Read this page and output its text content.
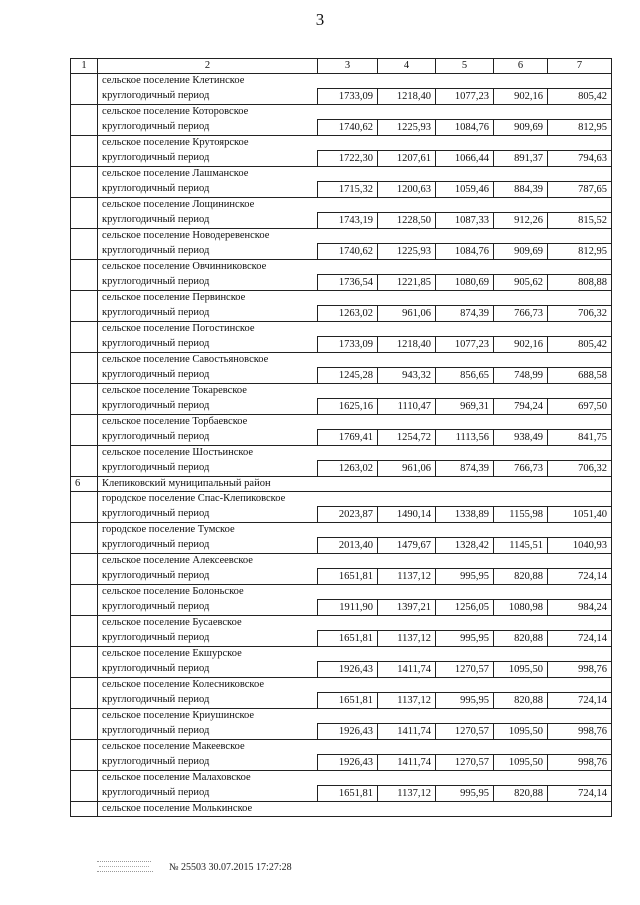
3
1	2	3	4	5	6	7
	сельское поселение Клетинское					
	круглогодичный период	1733,09	1218,40	1077,23	902,16	805,42
	сельское поселение Которовское					
	круглогодичный период	1740,62	1225,93	1084,76	909,69	812,95
	сельское поселение Крутоярское					
	круглогодичный период	1722,30	1207,61	1066,44	891,37	794,63
	сельское поселение Лашманское					
	круглогодичный период	1715,32	1200,63	1059,46	884,39	787,65
	сельское поселение Лощининское					
	круглогодичный период	1743,19	1228,50	1087,33	912,26	815,52
	сельское поселение Новодеревенское					
	круглогодичный период	1740,62	1225,93	1084,76	909,69	812,95
	сельское поселение Овчинниковское					
	круглогодичный период	1736,54	1221,85	1080,69	905,62	808,88
	сельское поселение Первинское					
	круглогодичный период	1263,02	961,06	874,39	766,73	706,32
	сельское поселение Погостинское					
	круглогодичный период	1733,09	1218,40	1077,23	902,16	805,42
	сельское поселение Савостьяновское					
	круглогодичный период	1245,28	943,32	856,65	748,99	688,58
	сельское поселение Токаревское					
	круглогодичный период	1625,16	1110,47	969,31	794,24	697,50
	сельское поселение Торбаевское					
	круглогодичный период	1769,41	1254,72	1113,56	938,49	841,75
	сельское поселение Шостьинское					
	круглогодичный период	1263,02	961,06	874,39	766,73	706,32
6	Клепиковский муниципальный район					
	городское поселение Спас-Клепиковское					
	круглогодичный период	2023,87	1490,14	1338,89	1155,98	1051,40
	городское поселение Тумское					
	круглогодичный период	2013,40	1479,67	1328,42	1145,51	1040,93
	сельское поселение Алексеевское					
	круглогодичный период	1651,81	1137,12	995,95	820,88	724,14
	сельское поселение Болоньское					
	круглогодичный период	1911,90	1397,21	1256,05	1080,98	984,24
	сельское поселение Бусаевское					
	круглогодичный период	1651,81	1137,12	995,95	820,88	724,14
	сельское поселение Екшурское					
	круглогодичный период	1926,43	1411,74	1270,57	1095,50	998,76
	сельское поселение Колесниковское					
	круглогодичный период	1651,81	1137,12	995,95	820,88	724,14
	сельское поселение Криушинское					
	круглогодичный период	1926,43	1411,74	1270,57	1095,50	998,76
	сельское поселение Макеевское					
	круглогодичный период	1926,43	1411,74	1270,57	1095,50	998,76
	сельское поселение Малаховское					
	круглогодичный период	1651,81	1137,12	995,95	820,88	724,14
	сельское поселение Молькинское					
№ 25503 30.07.2015 17:27:28
